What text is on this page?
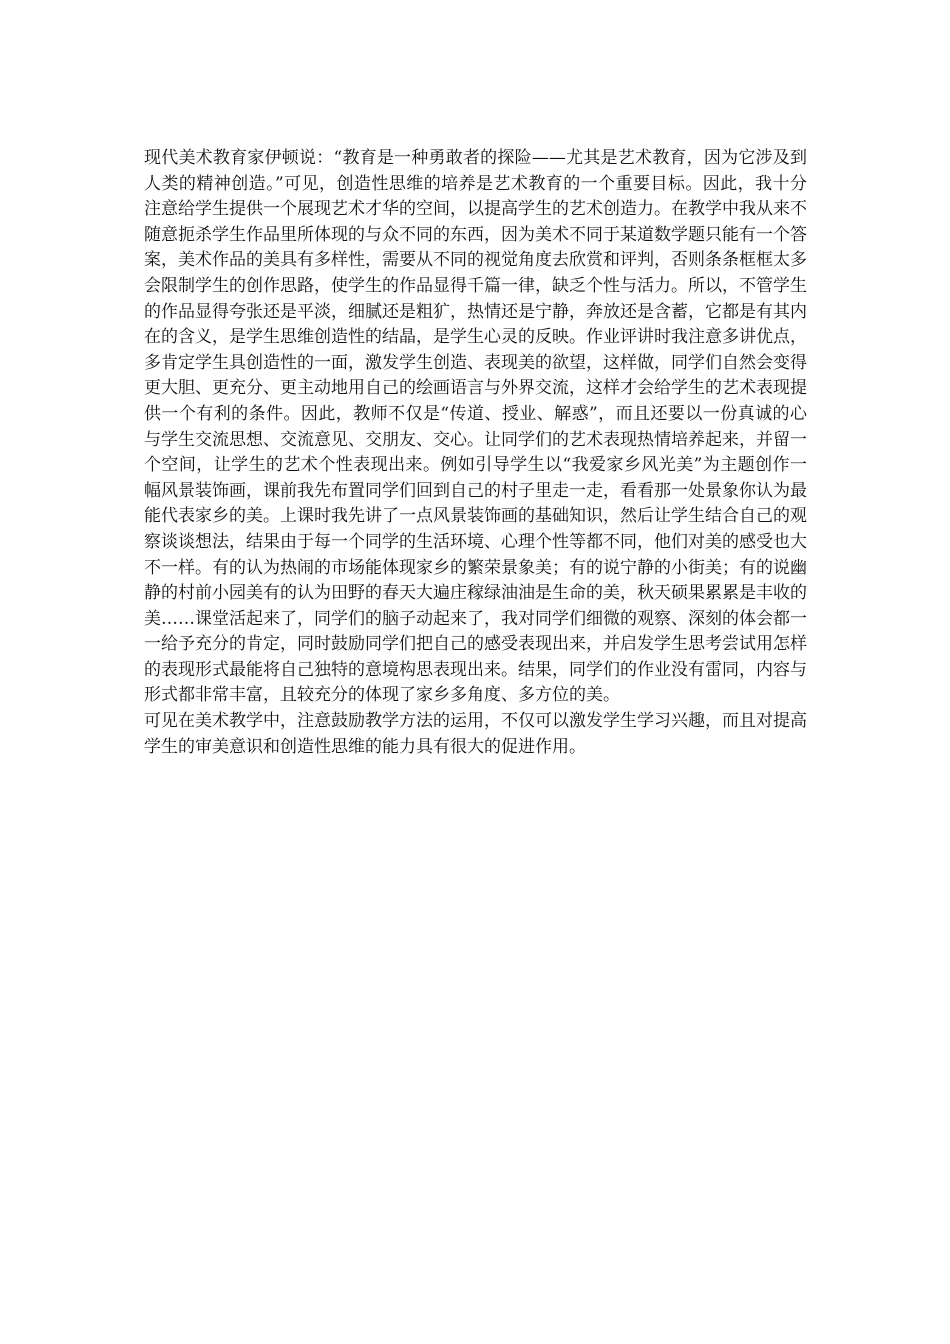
现代美术教育家伊顿说：“教育是一种勇敢者的探险——尤其是艺术教育，因为它涉及到人类的精神创造。”可见，创造性思维的培养是艺术教育的一个重要目标。因此，我十分注意给学生提供一个展现艺术才华的空间，以提高学生的艺术创造力。在教学中我从来不随意扼杀学生作品里所体现的与众不同的东西，因为美术不同于某道数学题只能有一个答案，美术作品的美具有多样性，需要从不同的视觉角度去欣赏和评判，否则条条框框太多会限制学生的创作思路，使学生的作品显得千篇一律，缺乏个性与活力。所以，不管学生的作品显得夸张还是平淡，细腻还是粗犷，热情还是宁静，奔放还是含蓄，它都是有其内在的含义，是学生思维创造性的结晶，是学生心灵的反映。作业评讲时我注意多讲优点，多肯定学生具创造性的一面，激发学生创造、表现美的欲望，这样做，同学们自然会变得更大胆、更充分、更主动地用自己的绘画语言与外界交流，这样才会给学生的艺术表现提供一个有利的条件。因此，教师不仅是“传道、授业、解惑”，而且还要以一份真诚的心与学生交流思想、交流意见、交朋友、交心。让同学们的艺术表现热情培养起来，并留一个空间，让学生的艺术个性表现出来。例如引导学生以“我爱家乡风光美”为主题创作一幅风景装饰画，课前我先布置同学们回到自己的村子里走一走，看看那一处景象你认为最能代表家乡的美。上课时我先讲了一点风景装饰画的基础知识，然后让学生结合自己的观察谈谈想法，结果由于每一个同学的生活环境、心理个性等都不同，他们对美的感受也大不一样。有的认为热闹的市场能体现家乡的繁荣景象美；有的说宁静的小街美；有的说幽静的村前小园美有的认为田野的春天大遍庄稼绿油油是生命的美，秋天硕果累累是丰收的美……课堂活起来了，同学们的脑子动起来了，我对同学们细微的观察、深刻的体会都一一给予充分的肯定，同时鼓励同学们把自己的感受表现出来，并启发学生思考尝试用怎样的表现形式最能将自己独特的意境构思表现出来。结果，同学们的作业没有雷同，内容与形式都非常丰富，且较充分的体现了家乡多角度、多方位的美。

可见在美术教学中，注意鼓励教学方法的运用，不仅可以激发学生学习兴趣，而且对提高学生的审美意识和创造性思维的能力具有很大的促进作用。
